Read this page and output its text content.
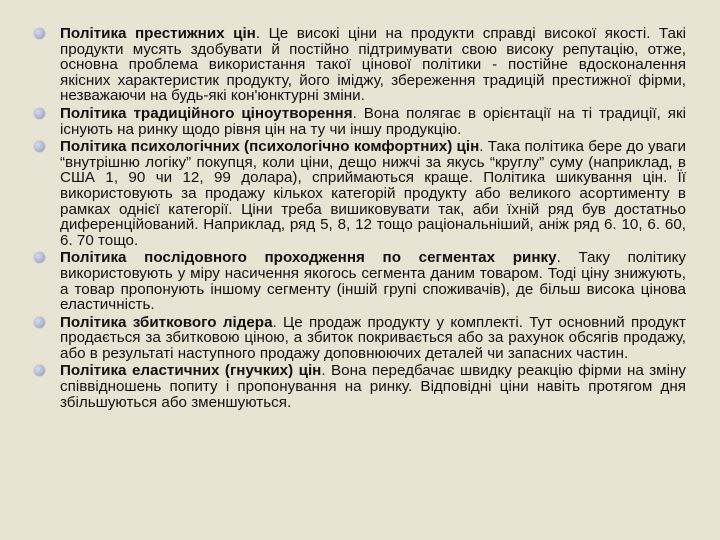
Політика престижних цін. Це високі ціни на продукти справді високої якості. Такі продукти мусять здобувати й постійно підтримувати свою високу репутацію, отже, основна проблема використання такої цінової політики - постійне вдосконалення якісних характеристик продукту, його іміджу, збереження традицій престижної фірми, незважаючи на будь-які кон'юнктурні зміни.
Політика традиційного ціноутворення. Вона полягає в орієнтації на ті традиції, які існують на ринку щодо рівня цін на ту чи іншу продукцію.
Політика психологічних (психологічно комфортних) цін. Така політика бере до уваги “внутрішню логіку” покупця, коли ціни, дещо нижчі за якусь “круглу” суму (наприклад, в США 1, 90 чи 12, 99 долара), сприймаються краще. Політика шикування цін. Її використовують за продажу кількох категорій продукту або великого асортименту в рамках однієї категорії. Ціни треба вишиковувати так, аби їхній ряд був достатньо диференційований. Наприклад, ряд 5, 8, 12 тощо раціональніший, аніж ряд 6. 10, 6. 60, 6. 70 тощо.
Політика послідовного проходження по сегментах ринку. Таку політику використовують у міру насичення якогось сегмента даним товаром. Тоді ціну знижують, а товар пропонують іншому сегменту (іншій групі споживачів), де більш висока цінова еластичність.
Політика збиткового лідера. Це продаж продукту у комплекті. Тут основний продукт продається за збитковою ціною, а збиток покривається або за рахунок обсягів продажу, або в результаті наступного продажу доповнюючих деталей чи запасних частин.
Політика еластичних (гнучких) цін. Вона передбачає швидку реакцію фірми на зміну співвідношень попиту і пропонування на ринку. Відповідні ціни навіть протягом дня збільшуються або зменшуються.
